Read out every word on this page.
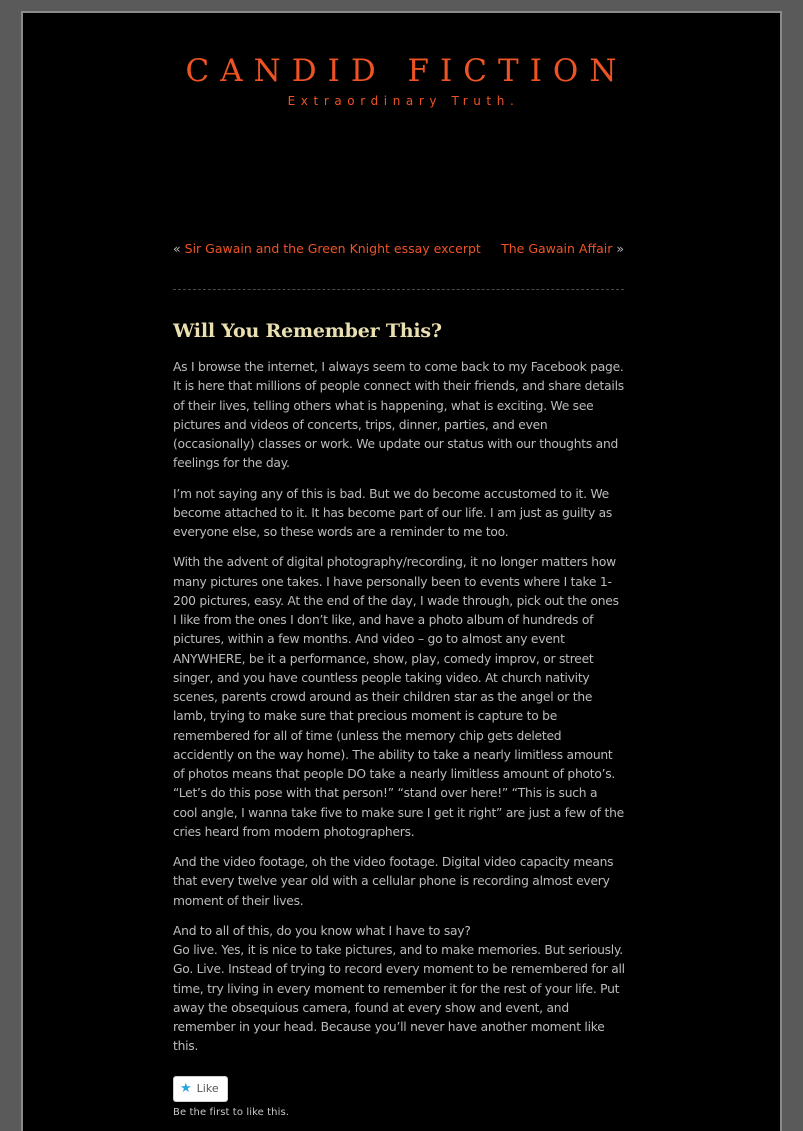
CANDID FICTION
Extraordinary Truth.
« Sir Gawain and the Green Knight essay excerpt The Gawain Affair »
Will You Remember This?

As I browse the internet, I always seem to come back to my Facebook page. It is here that millions of people connect with their friends, and share details of their lives, telling others what is happening, what is exciting. We see pictures and videos of concerts, trips, dinner, parties, and even (occasionally) classes or work. We update our status with our thoughts and feelings for the day.

I’m not saying any of this is bad. But we do become accustomed to it. We become attached to it. It has become part of our life. I am just as guilty as everyone else, so these words are a reminder to me too.

With the advent of digital photography/recording, it no longer matters how many pictures one takes. I have personally been to events where I take 1-200 pictures, easy. At the end of the day, I wade through, pick out the ones I like from the ones I don’t like, and have a photo album of hundreds of pictures, within a few months. And video – go to almost any event ANYWHERE, be it a performance, show, play, comedy improv, or street singer, and you have countless people taking video. At church nativity scenes, parents crowd around as their children star as the angel or the lamb, trying to make sure that precious moment is capture to be remembered for all of time (unless the memory chip gets deleted accidently on the way home). The ability to take a nearly limitless amount of photos means that people DO take a nearly limitless amount of photo’s. “Let’s do this pose with that person!” “stand over here!” “This is such a cool angle, I wanna take five to make sure I get it right” are just a few of the cries heard from modern photographers.

And the video footage, oh the video footage. Digital video capacity means that every twelve year old with a cellular phone is recording almost every moment of their lives.

And to all of this, do you know what I have to say?
Go live. Yes, it is nice to take pictures, and to make memories. But seriously. Go. Live. Instead of trying to record every moment to be remembered for all time, try living in every moment to remember it for the rest of your life. Put away the obsequious camera, found at every show and event, and remember in your head. Because you’ll never have another moment like this.

★ Like
Be the first to like this.
